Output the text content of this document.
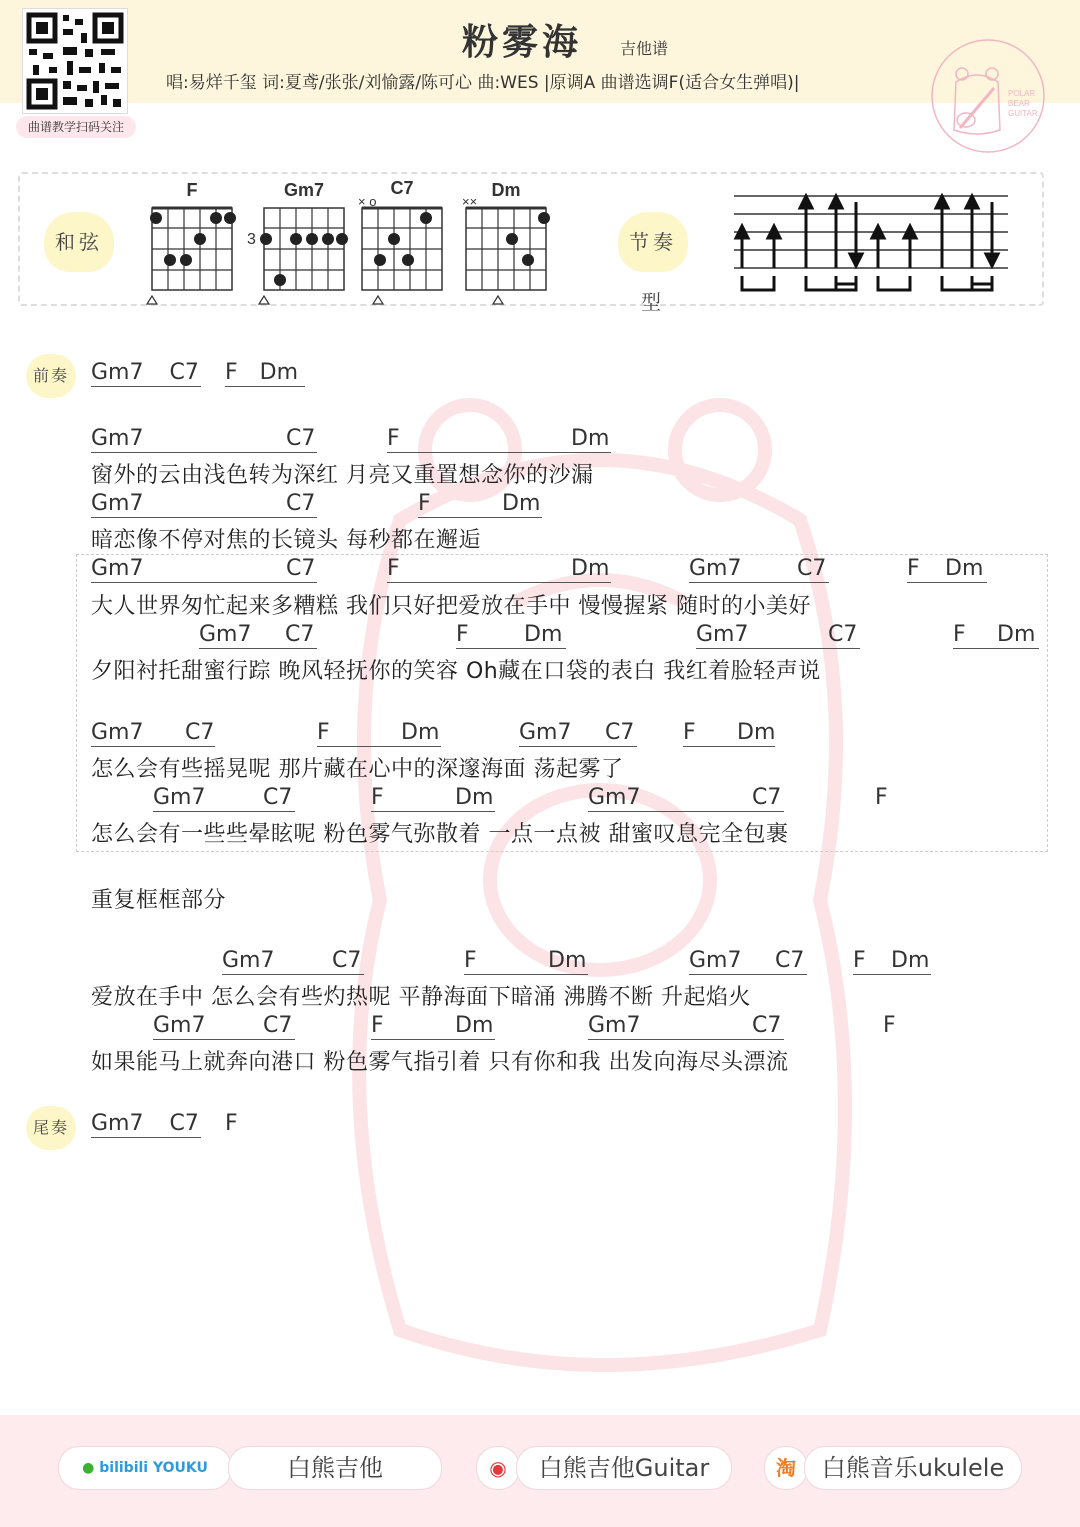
曲谱教学扫码关注
粉雾海 吉他谱
唱:易烊千玺 词:夏鸢/张张/刘愉露/陈可心 曲:WES |原调A 曲谱选调F(适合女生弹唱)|
POLAR
BEAR
GUITAR
和弦	节奏型
F	Gm7
3
C7
× o
Dm
××
前奏	Gm7 C7 F Dm
Gm7	C7	F	Dm
窗外的云由浅色转为深红 月亮又重置想念你的沙漏
Gm7	C7	F	Dm
暗恋像不停对焦的长镜头 每秒都在邂逅
Gm7	C7	F	Dm	Gm7	C7	F Dm
大人世界匆忙起来多糟糕 我们只好把爱放在手中 慢慢握紧 随时的小美好
Gm7 C7	F	Dm	Gm7	C7	F Dm
夕阳衬托甜蜜行踪 晚风轻抚你的笑容 Oh藏在口袋的表白 我红着脸轻声说
Gm7 C7	F	Dm	Gm7 C7 F Dm
怎么会有些摇晃呢 那片藏在心中的深邃海面 荡起雾了
Gm7	C7	F	Dm	Gm7	C7	F
怎么会有一些些晕眩呢 粉色雾气弥散着 一点一点被 甜蜜叹息完全包裹
重复框框部分
Gm7	C7	F	Dm	Gm7 C7 F Dm
爱放在手中 怎么会有些灼热呢 平静海面下暗涌 沸腾不断 升起焰火
Gm7	C7	F	Dm	Gm7	C7	F
如果能马上就奔向港口 粉色雾气指引着 只有你和我 出发向海尽头漂流
尾奏	Gm7 C7 F
● bilibili YOUKU	白熊吉他	◉	白熊吉他Guitar	淘	白熊音乐ukulele
